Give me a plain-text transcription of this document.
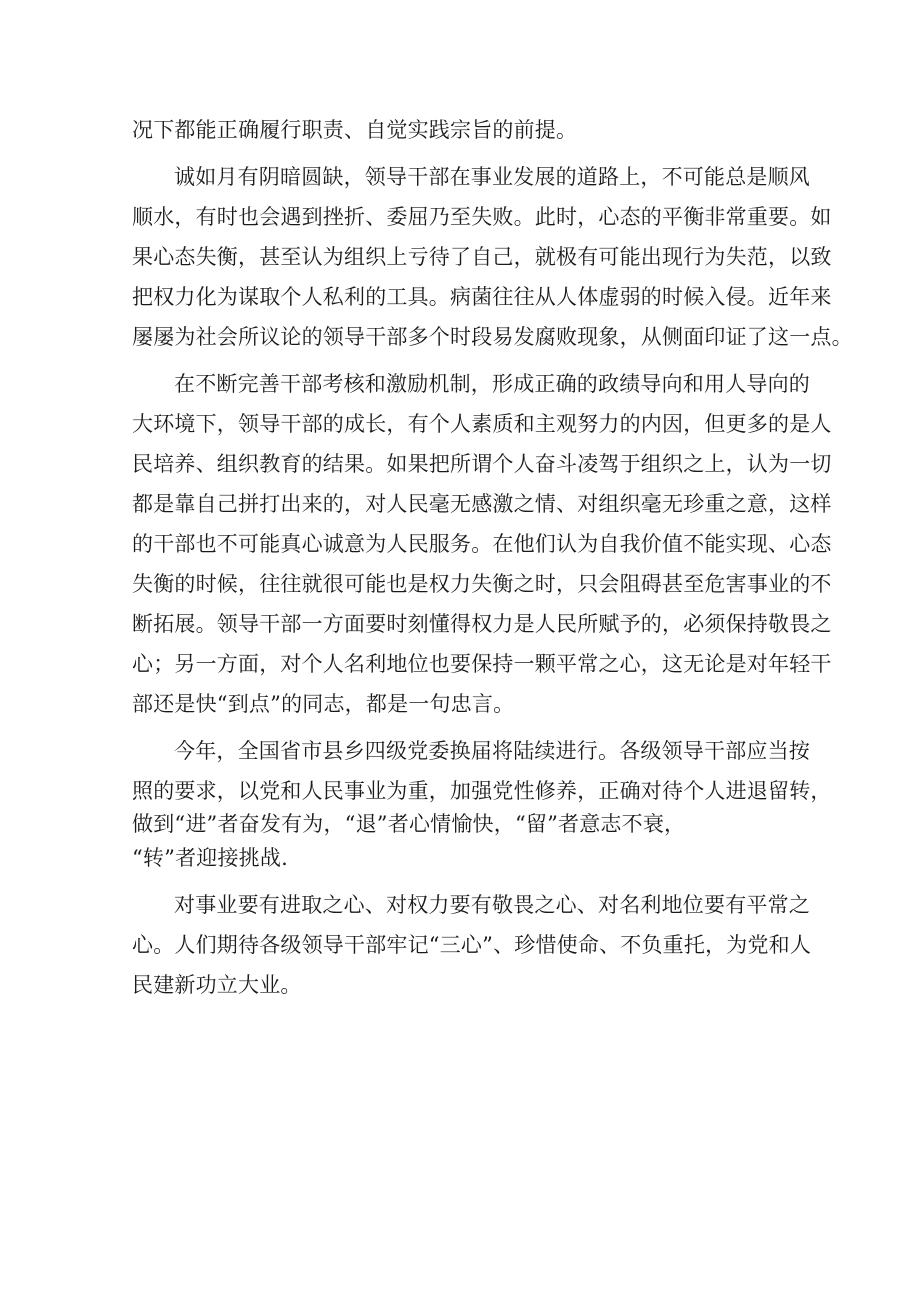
况下都能正确履行职责、自觉实践宗旨的前提。
诚如月有阴暗圆缺，领导干部在事业发展的道路上，不可能总是顺风
顺水，有时也会遇到挫折、委屈乃至失败。此时，心态的平衡非常重要。如
果心态失衡，甚至认为组织上亏待了自己，就极有可能出现行为失范，以致
把权力化为谋取个人私利的工具。病菌往往从人体虚弱的时候入侵。近年来
屡屡为社会所议论的领导干部多个时段易发腐败现象，从侧面印证了这一点。
在不断完善干部考核和激励机制，形成正确的政绩导向和用人导向的
大环境下，领导干部的成长，有个人素质和主观努力的内因，但更多的是人
民培养、组织教育的结果。如果把所谓个人奋斗凌驾于组织之上，认为一切
都是靠自己拼打出来的，对人民毫无感激之情、对组织毫无珍重之意，这样
的干部也不可能真心诚意为人民服务。在他们认为自我价值不能实现、心态
失衡的时候，往往就很可能也是权力失衡之时，只会阻碍甚至危害事业的不
断拓展。领导干部一方面要时刻懂得权力是人民所赋予的，必须保持敬畏之
心；另一方面，对个人名利地位也要保持一颗平常之心，这无论是对年轻干
部还是快“到点”的同志，都是一句忠言。
今年，全国省市县乡四级党委换届将陆续进行。各级领导干部应当按
照的要求，以党和人民事业为重，加强党性修养，正确对待个人进退留转，
做到“进”者奋发有为，“退”者心情愉快，“留”者意志不衰，
“转”者迎接挑战.
对事业要有进取之心、对权力要有敬畏之心、对名利地位要有平常之
心。人们期待各级领导干部牢记“三心”、珍惜使命、不负重托，为党和人
民建新功立大业。
